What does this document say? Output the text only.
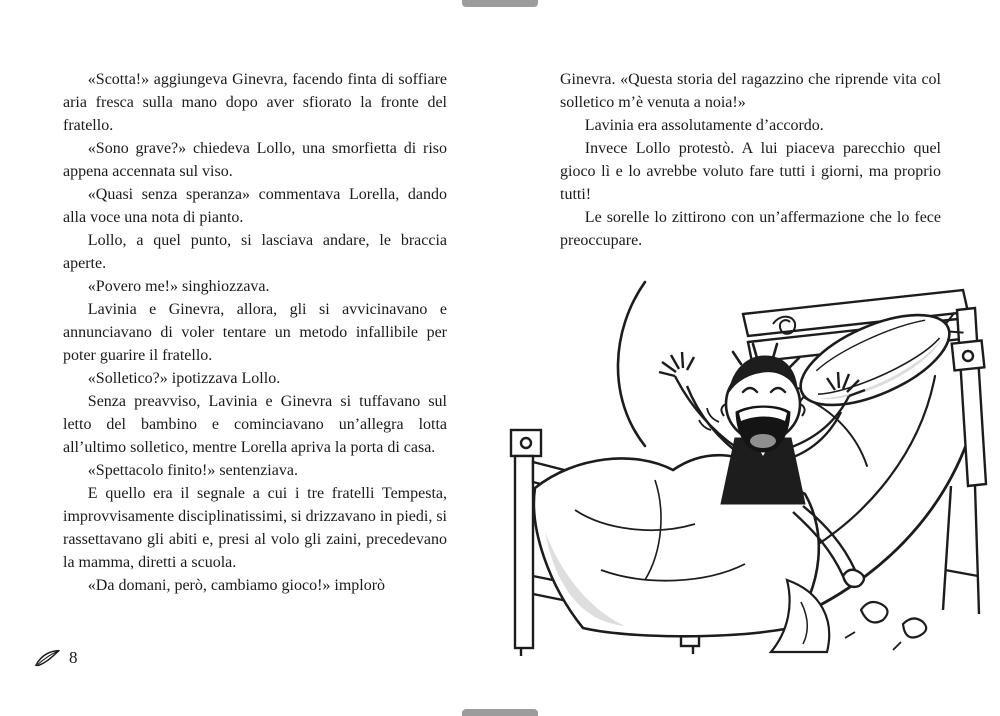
«Scotta!» aggiungeva Ginevra, facendo finta di soffiare aria fresca sulla mano dopo aver sfiorato la fronte del fratello.

«Sono grave?» chiedeva Lollo, una smorfietta di riso appena accennata sul viso.

«Quasi senza speranza» commentava Lorella, dando alla voce una nota di pianto.

Lollo, a quel punto, si lasciava andare, le braccia aperte.

«Povero me!» singhiozzava.

Lavinia e Ginevra, allora, gli si avvicinavano e annunciavano di voler tentare un metodo infallibile per poter guarire il fratello.

«Solletico?» ipotizzava Lollo.

Senza preavviso, Lavinia e Ginevra si tuffavano sul letto del bambino e cominciavano un’allegra lotta all’ultimo solletico, mentre Lorella apriva la porta di casa.

«Spettacolo finito!» sentenziava.

E quello era il segnale a cui i tre fratelli Tempesta, improvvisamente disciplinatissimi, si drizzavano in piedi, si rassettavano gli abiti e, presi al volo gli zaini, precedevano la mamma, diretti a scuola.

«Da domani, però, cambiamo gioco!» implorò

Ginevra. «Questa storia del ragazzino che riprende vita col solletico m’è venuta a noia!»

Lavinia era assolutamente d’accordo.

Invece Lollo protestò. A lui piaceva parecchio quel gioco lì e lo avrebbe voluto fare tutti i giorni, ma proprio tutti!

Le sorelle lo zittirono con un’affermazione che lo fece preoccupare.

8
